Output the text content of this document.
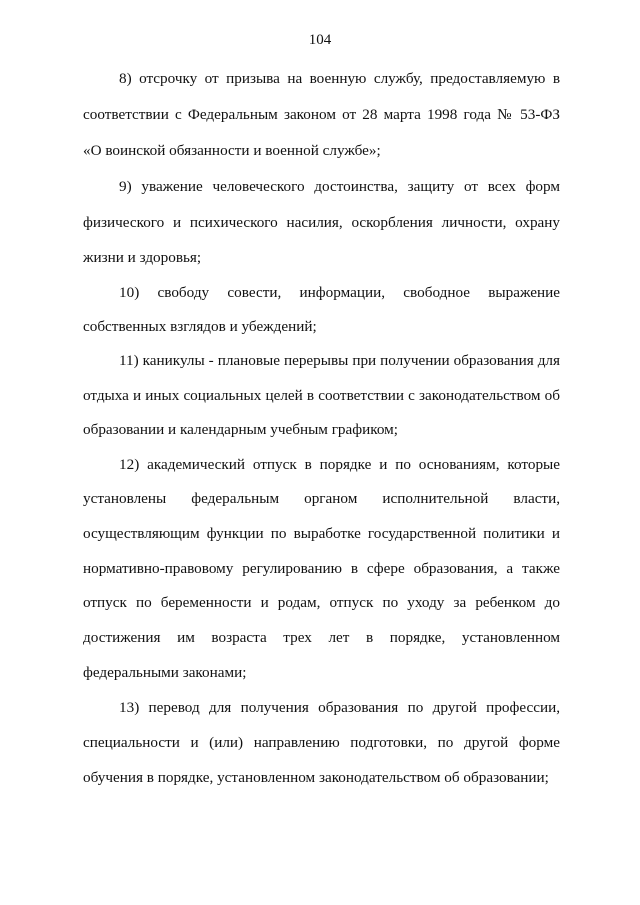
104
8) отсрочку от призыва на военную службу, предоставляемую в
соответствии с Федеральным законом от 28 марта 1998 года № 53-ФЗ
«О воинской обязанности и военной службе»;
9) уважение человеческого достоинства, защиту от всех форм
физического и психического насилия, оскорбления личности, охрану
жизни и здоровья;
10) свободу совести, информации, свободное выражение
собственных взглядов и убеждений;
11) каникулы - плановые перерывы при получении образования для
отдыха и иных социальных целей в соответствии с законодательством об
образовании и календарным учебным графиком;
12) академический отпуск в порядке и по основаниям, которые
установлены федеральным органом исполнительной власти,
осуществляющим функции по выработке государственной политики и
нормативно-правовому регулированию в сфере образования, а также
отпуск по беременности и родам, отпуск по уходу за ребенком до
достижения им возраста трех лет в порядке, установленном
федеральными законами;
13) перевод для получения образования по другой профессии,
специальности и (или) направлению подготовки, по другой форме
обучения в порядке, установленном законодательством об образовании;
